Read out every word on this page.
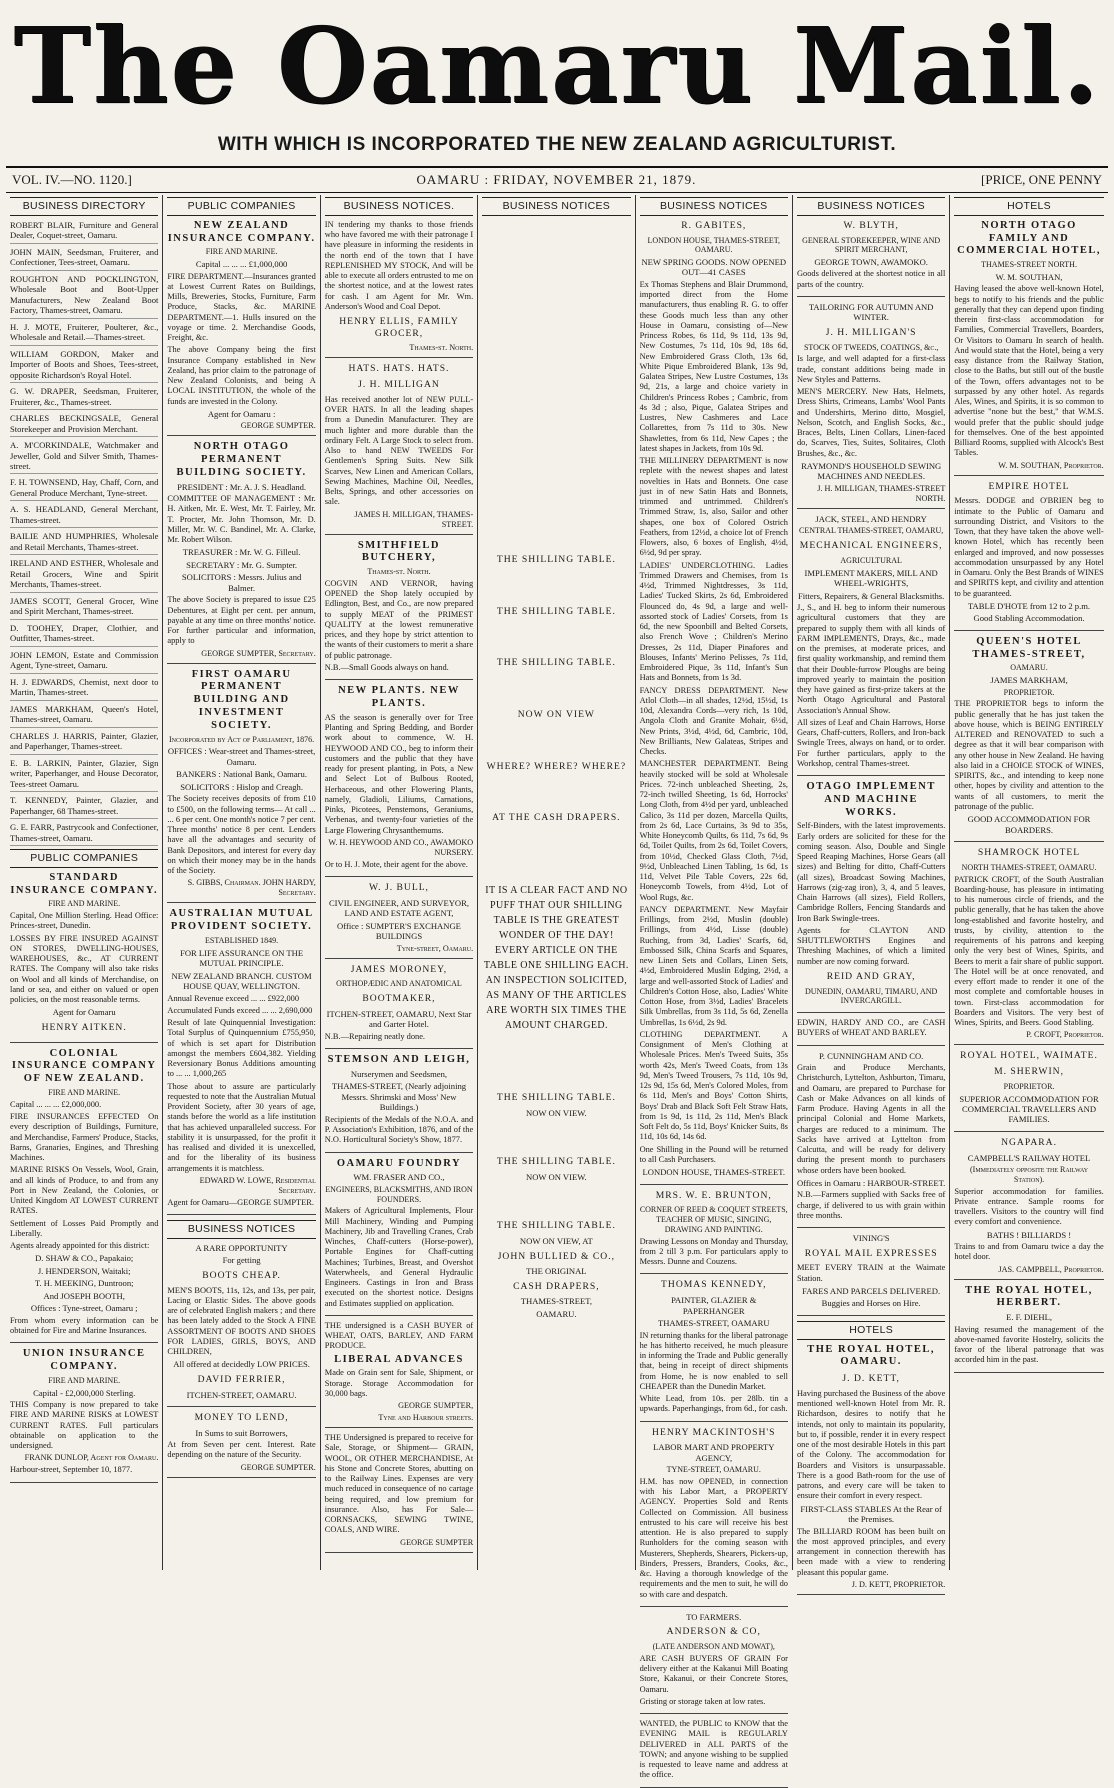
The Oamaru Mail.
WITH WHICH IS INCORPORATED THE NEW ZEALAND AGRICULTURIST.
VOL. IV.—NO. 1120.]	OAMARU : FRIDAY, NOVEMBER 21, 1879.	[PRICE, ONE PENNY
BUSINESS DIRECTORY
ROBERT BLAIR, Furniture and General Dealer, Coquet-street, Oamaru.
JOHN MAIN, Seedsman, Fruiterer, and Confectioner, Tees-street, Oamaru.
ROUGHTON AND POCKLINGTON, Wholesale Boot and Boot-Upper Manufacturers, New Zealand Boot Factory, Thames-street, Oamaru.
H. J. MOTE, Fruiterer, Poulterer, &c., Wholesale and Retail.—Thames-street.
WILLIAM GORDON, Maker and Importer of Boots and Shoes, Tees-street, opposite Richardson's Royal Hotel.
G. W. DRAPER, Seedsman, Fruiterer, Fruiterer, &c., Thames-street.
CHARLES BECKINGSALE, General Storekeeper and Provision Merchant.
A. M'CORKINDALE, Watchmaker and Jeweller, Gold and Silver Smith, Thames-street.
F. H. TOWNSEND, Hay, Chaff, Corn, and General Produce Merchant, Tyne-street.
A. S. HEADLAND, General Merchant, Thames-street.
BAILIE AND HUMPHRIES, Wholesale and Retail Merchants, Thames-street.
IRELAND AND ESTHER, Wholesale and Retail Grocers, Wine and Spirit Merchants, Thames-street.
JAMES SCOTT, General Grocer, Wine and Spirit Merchant, Thames-street.
D. TOOHEY, Draper, Clothier, and Outfitter, Thames-street.
JOHN LEMON, Estate and Commission Agent, Tyne-street, Oamaru.
H. J. EDWARDS, Chemist, next door to Martin, Thames-street.
JAMES MARKHAM, Queen's Hotel, Thames-street, Oamaru.
CHARLES J. HARRIS, Painter, Glazier, and Paperhanger, Thames-street.
E. B. LARKIN, Painter, Glazier, Sign writer, Paperhanger, and House Decorator, Tees-street Oamaru.
T. KENNEDY, Painter, Glazier, and Paperhanger, 68 Thames-street.
G. E. FARR, Pastrycook and Confectioner, Thames-street, Oamaru.
PUBLIC COMPANIES
STANDARD INSURANCE COMPANY.
FIRE AND MARINE.
Capital, One Million Sterling. Head Office: Princes-street, Dunedin.
LOSSES BY FIRE INSURED AGAINST ON STORES, DWELLING-HOUSES, WAREHOUSES, &c., AT CURRENT RATES. The Company will also take risks on Wool and all kinds of Merchandise, on land or sea, and either on valued or open policies, on the most reasonable terms.
Agent for Oamaru
HENRY AITKEN.
COLONIAL INSURANCE COMPANY OF NEW ZEALAND.
FIRE AND MARINE.
Capital ... ... ... £2,000,000.
FIRE INSURANCES EFFECTED On every description of Buildings, Furniture, and Merchandise, Farmers' Produce, Stacks, Barns, Granaries, Engines, and Threshing Machines.
MARINE RISKS On Vessels, Wool, Grain, and all kinds of Produce, to and from any Port in New Zealand, the Colonies, or United Kingdom AT LOWEST CURRENT RATES.
Settlement of Losses Paid Promptly and Liberally.
Agents already appointed for this district:
D. SHAW & CO., Papakaio;
J. HENDERSON, Waitaki;
T. H. MEEKING, Duntroon;
And JOSEPH BOOTH,
Offices : Tyne-street, Oamaru ;
From whom every information can be obtained for Fire and Marine Insurances.
UNION INSURANCE COMPANY.
FIRE AND MARINE.
Capital - £2,000,000 Sterling.
THIS Company is now prepared to take FIRE AND MARINE RISKS at LOWEST CURRENT RATES. Full particulars obtainable on application to the undersigned.
FRANK DUNLOP, Agent for Oamaru.
Harbour-street, September 10, 1877.
PUBLIC COMPANIES
NEW ZEALAND INSURANCE COMPANY.
FIRE AND MARINE.
Capital ... ... ... £1,000,000
FIRE DEPARTMENT.—Insurances granted at Lowest Current Rates on Buildings, Mills, Breweries, Stocks, Furniture, Farm Produce, Stacks, &c. MARINE DEPARTMENT.—1. Hulls insured on the voyage or time. 2. Merchandise Goods, Freight, &c.
The above Company being the first Insurance Company established in New Zealand, has prior claim to the patronage of New Zealand Colonists, and being A LOCAL INSTITUTION, the whole of the funds are invested in the Colony.
Agent for Oamaru :
GEORGE SUMPTER.
NORTH OTAGO PERMANENT BUILDING SOCIETY.
PRESIDENT : Mr. A. J. S. Headland.
COMMITTEE OF MANAGEMENT : Mr. H. Aitken, Mr. E. West, Mr. T. Fairley, Mr. T. Procter, Mr. John Thomson, Mr. D. Miller, Mr. W. C. Bandinel, Mr. A. Clarke, Mr. Robert Wilson.
TREASURER : Mr. W. G. Filleul.
SECRETARY : Mr. G. Sumpter.
SOLICITORS : Messrs. Julius and Balmer.
The above Society is prepared to issue £25 Debentures, at Eight per cent. per annum, payable at any time on three months' notice. For further particular and information, apply to
GEORGE SUMPTER, Secretary.
FIRST OAMARU PERMANENT BUILDING AND INVESTMENT SOCIETY.
Incorporated by Act of Parliament, 1876.
OFFICES : Wear-street and Thames-street, Oamaru.
BANKERS : National Bank, Oamaru.
SOLICITORS : Hislop and Creagh.
The Society receives deposits of from £10 to £500, on the following terms— At call ... ... 6 per cent. One month's notice 7 per cent. Three months' notice 8 per cent. Lenders have all the advantages and security of Bank Depositors, and interest for every day on which their money may be in the hands of the Society.
S. GIBBS, Chairman. JOHN HARDY, Secretary.
AUSTRALIAN MUTUAL PROVIDENT SOCIETY.
ESTABLISHED 1849.
FOR LIFE ASSURANCE ON THE MUTUAL PRINCIPLE.
NEW ZEALAND BRANCH. CUSTOM HOUSE QUAY, WELLINGTON.
Annual Revenue exceed ... ... £922,000
Accumulated Funds exceed ... ... 2,690,000
Result of late Quinquennial Investigation: Total Surplus of Quinquennium £755,950, of which is set apart for Distribution amongst the members £604,382. Yielding Reversionary Bonus Additions amounting to ... ... 1,000,265
Those about to assure are particularly requested to note that the Australian Mutual Provident Society, after 30 years of age, stands before the world as a life institution that has achieved unparalleled success. For stability it is unsurpassed, for the profit it has realised and divided it is unexcelled, and for the liberality of its business arrangements it is matchless.
EDWARD W. LOWE, Residential Secretary.
Agent for Oamaru—GEORGE SUMPTER.
BUSINESS NOTICES
A RARE OPPORTUNITY
For getting
BOOTS CHEAP.
MEN'S BOOTS, 11s, 12s, and 13s, per pair, Lacing or Elastic Sides. The above goods are of celebrated English makers ; and there has been lately added to the Stock A FINE ASSORTMENT OF BOOTS AND SHOES FOR LADIES, GIRLS, BOYS, AND CHILDREN,
All offered at decidedly LOW PRICES.
DAVID FERRIER,
ITCHEN-STREET, OAMARU.
MONEY TO LEND,
In Sums to suit Borrowers,
At from Seven per cent. Interest. Rate depending on the nature of the Security.
GEORGE SUMPTER.
BUSINESS NOTICES.
IN tendering my thanks to those friends who have favored me with their patronage I have pleasure in informing the residents in the north end of the town that I have REPLENISHED MY STOCK, And will be able to execute all orders entrusted to me on the shortest notice, and at the lowest rates for cash. I am Agent for Mr. Wm. Anderson's Wood and Coal Depot.
HENRY ELLIS, FAMILY GROCER,
Thames-st. North.
HATS. HATS. HATS.
J. H. MILLIGAN
Has received another lot of NEW PULL-OVER HATS. In all the leading shapes from a Dunedin Manufacturer. They are much lighter and more durable than the ordinary Felt. A Large Stock to select from. Also to hand NEW TWEEDS For Gentlemen's Spring Suits. New Silk Scarves, New Linen and American Collars, Sewing Machines, Machine Oil, Needles, Belts, Springs, and other accessories on sale.
JAMES H. MILLIGAN, THAMES-STREET.
SMITHFIELD BUTCHERY,
Thames-st. North.
COGVIN AND VERNOR, having OPENED the Shop lately occupied by Edlington, Best, and Co., are now prepared to supply MEAT of the PRIMEST QUALITY at the lowest remunerative prices, and they hope by strict attention to the wants of their customers to merit a share of public patronage.
N.B.—Small Goods always on hand.
NEW PLANTS. NEW PLANTS.
AS the season is generally over for Tree Planting and Spring Bedding, and Border work about to commence, W. H. HEYWOOD AND CO., beg to inform their customers and the public that they have ready for present planting, in Pots, a New and Select Lot of Bulbous Rooted, Herbaceous, and other Flowering Plants, namely, Gladioli, Liliums, Carnations, Pinks, Picotees, Penstemons, Geraniums, Verbenas, and twenty-four varieties of the Large Flowering Chrysanthemums.
W. H. HEYWOOD AND CO., AWAMOKO NURSERY.
Or to H. J. Mote, their agent for the above.
W. J. BULL,
CIVIL ENGINEER, AND SURVEYOR, LAND AND ESTATE AGENT,
Office : SUMPTER'S EXCHANGE BUILDINGS
Tyne-street, Oamaru.
JAMES MORONEY,
ORTHOPÆDIC AND ANATOMICAL
BOOTMAKER,
ITCHEN-STREET, OAMARU, Next Star and Garter Hotel.
N.B.—Repairing neatly done.
STEMSON AND LEIGH,
Nurserymen and Seedsmen,
THAMES-STREET, (Nearly adjoining Messrs. Shrimski and Moss' New Buildings.)
Recipients of the Medals of the N.O.A. and P. Association's Exhibition, 1876, and of the N.O. Horticultural Society's Show, 1877.
OAMARU FOUNDRY
WM. FRASER AND CO.,
ENGINEERS, BLACKSMITHS, AND IRON FOUNDERS.
Makers of Agricultural Implements, Flour Mill Machinery, Winding and Pumping Machinery, Jib and Travelling Cranes, Crab Winches, Chaff-cutters (Horse-power), Portable Engines for Chaff-cutting Machines; Turbines, Breast, and Overshot Waterwheels, and General Hydraulic Engineers. Castings in Iron and Brass executed on the shortest notice. Designs and Estimates supplied on application.
THE undersigned is a CASH BUYER of WHEAT, OATS, BARLEY, AND FARM PRODUCE.
LIBERAL ADVANCES
Made on Grain sent for Sale, Shipment, or Storage. Storage Accommodation for 30,000 bags.
GEORGE SUMPTER,
Tyne and Harbour streets.
THE Undersigned is prepared to receive for Sale, Storage, or Shipment— GRAIN, WOOL, OR OTHER MERCHANDISE, At his Stone and Concrete Stores, abutting on to the Railway Lines. Expenses are very much reduced in consequence of no cartage being required, and low premium for insurance. Also, has For Sale— CORNSACKS, SEWING TWINE, COALS, AND WIRE.
GEORGE SUMPTER
BUSINESS NOTICES
THE SHILLING TABLE.
THE SHILLING TABLE.
THE SHILLING TABLE.
NOW ON VIEW
WHERE? WHERE? WHERE?
AT THE CASH DRAPERS.
IT IS A CLEAR FACT AND NO PUFF THAT OUR SHILLING TABLE IS THE GREATEST WONDER OF THE DAY! EVERY ARTICLE ON THE TABLE ONE SHILLING EACH. AN INSPECTION SOLICITED, AS MANY OF THE ARTICLES ARE WORTH SIX TIMES THE AMOUNT CHARGED.
THE SHILLING TABLE.
NOW ON VIEW.
THE SHILLING TABLE.
NOW ON VIEW.
THE SHILLING TABLE.
NOW ON VIEW, AT
JOHN BULLIED & CO.,
THE ORIGINAL
CASH DRAPERS,
THAMES-STREET,
OAMARU.
BUSINESS NOTICES
R. GABITES,
LONDON HOUSE, THAMES-STREET, OAMARU.
NEW SPRING GOODS. NOW OPENED OUT—41 CASES
Ex Thomas Stephens and Blair Drummond, imported direct from the Home manufacturers, thus enabling R. G. to offer these Goods much less than any other House in Oamaru, consisting of—New Princess Robes, 6s 11d, 9s 11d, 13s 9d, New Costumes, 7s 11d, 10s 9d, 18s 6d, New Embroidered Grass Cloth, 13s 6d, White Pique Embroidered Blank, 13s 9d, Galatea Stripes, New Lustre Costumes, 13s 9d, 21s, a large and choice variety in Children's Princess Robes ; Cambric, from 4s 3d ; also, Pique, Galatea Stripes and Lustres, New Cashmeres and Lace Collarettes, from 7s 11d to 30s. New Shawlettes, from 6s 11d, New Capes ; the latest shapes in Jackets, from 10s 9d.
THE MILLINERY DEPARTMENT is now replete with the newest shapes and latest novelties in Hats and Bonnets. One case just in of new Satin Hats and Bonnets, trimmed and untrimmed. Children's Trimmed Straw, 1s, also, Sailor and other shapes, one box of Colored Ostrich Feathers, from 12½d, a choice lot of French Flowers, also, 6 boxes of English, 4½d, 6½d, 9d per spray.
LADIES' UNDERCLOTHING. Ladies Trimmed Drawers and Chemises, from 1s 4½d, Trimmed Nightdresses, 3s 11d, Ladies' Tucked Skirts, 2s 6d, Embroidered Flounced do, 4s 9d, a large and well-assorted stock of Ladies' Corsets, from 1s 6d, the new Spoonbill and Belted Corsets, also French Wove ; Children's Merino Dresses, 2s 11d, Diaper Pinafores and Blouses, Infants' Merino Pelisses, 7s 11d, Embroidered Pique, 3s 11d, Infant's Sun Hats and Bonnets, from 1s 3d.
FANCY DRESS DEPARTMENT. New Atlol Cloth—in all shades, 12½d, 15½d, 1s 10d, Alexandra Cords—very rich, 1s 10d, Angola Cloth and Granite Mohair, 6½d, New Prints, 3½d, 4½d, 6d, Cambric, 10d, New Brilliants, New Galateas, Stripes and Checks.
MANCHESTER DEPARTMENT. Being heavily stocked will be sold at Wholesale Prices. 72-inch unbleached Sheeting, 2s, 72-inch twilled Sheeting, 1s 6d, Horrocks' Long Cloth, from 4½d per yard, unbleached Calico, 3s 11d per dozen, Marcella Quilts, from 2s 6d, Lace Curtains, 3s 9d to 35s, White Honeycomb Quilts, 6s 11d, 7s 6d, 9s 6d, Toilet Quilts, from 2s 6d, Toilet Covers, from 10½d, Checked Glass Cloth, 7½d, 9½d, Unbleached Linen Tabling, 1s 6d, 1s 11d, Velvet Pile Table Covers, 22s 6d, Honeycomb Towels, from 4½d, Lot of Wool Rugs, &c.
FANCY DEPARTMENT. New Mayfair Frillings, from 2½d, Muslin (double) Frillings, from 4½d, Lisse (double) Ruching, from 3d, Ladies' Scarfs, 6d, Embossed Silk, China Scarfs and Squares, new Linen Sets and Collars, Linen Sets, 4½d, Embroidered Muslin Edging, 2½d, a large and well-assorted Stock of Ladies' and Children's Cotton Hose, also, Ladies' White Cotton Hose, from 3½d, Ladies' Bracelets Silk Umbrellas, from 3s 11d, 5s 6d, Zenella Umbrellas, 1s 6½d, 2s 9d.
CLOTHING DEPARTMENT. A Consignment of Men's Clothing at Wholesale Prices. Men's Tweed Suits, 35s worth 42s, Men's Tweed Coats, from 13s 9d, Men's Tweed Trousers, 7s 11d, 10s 9d, 12s 9d, 15s 6d, Men's Colored Moles, from 6s 11d, Men's and Boys' Cotton Shirts, Boys' Drab and Black Soft Felt Straw Hats, from 1s 9d, 1s 11d, 2s 11d, Men's Black Soft Felt do, 5s 11d, Boys' Knicker Suits, 8s 11d, 10s 6d, 14s 6d.
One Shilling in the Pound will be returned to all Cash Purchasers.
LONDON HOUSE, THAMES-STREET.
MRS. W. E. BRUNTON,
CORNER OF REED & COQUET STREETS, TEACHER OF MUSIC, SINGING, DRAWING AND PAINTING.
Drawing Lessons on Monday and Thursday, from 2 till 3 p.m. For particulars apply to Messrs. Dunne and Couzens.
THOMAS KENNEDY,
PAINTER, GLAZIER & PAPERHANGER
THAMES-STREET, OAMARU
IN returning thanks for the liberal patronage he has hitherto received, he much pleasure in informing the Trade and Public generally that, being in receipt of direct shipments from Home, he is now enabled to sell CHEAPER than the Dunedin Market.
White Lead, from 10s. per 28lb. tin a upwards. Paperhangings, from 6d., for cash.
HENRY MACKINTOSH'S
LABOR MART AND PROPERTY AGENCY,
TYNE-STREET, OAMARU.
H.M. has now OPENED, in connection with his Labor Mart, a PROPERTY AGENCY. Properties Sold and Rents Collected on Commission. All business entrusted to his care will receive his best attention. He is also prepared to supply Runholders for the coming season with Musterers, Shepherds, Shearers, Pickers-up, Binders, Pressers, Branders, Cooks, &c., &c. Having a thorough knowledge of the requirements and the men to suit, he will do so with care and despatch.
TO FARMERS.
ANDERSON & CO,
(LATE ANDERSON AND MOWAT),
ARE CASH BUYERS OF GRAIN For delivery either at the Kakanui Mill Boating Store, Kakanui, or their Concrete Stores, Oamaru.
Gristing or storage taken at low rates.
WANTED, the PUBLIC to KNOW that the EVENING MAIL is REGULARLY DELIVERED in ALL PARTS of the TOWN; and anyone wishing to be supplied is requested to leave name and address at the office.
BUSINESS NOTICES
W. BLYTH,
GENERAL STOREKEEPER, WINE AND SPIRIT MERCHANT,
GEORGE TOWN, AWAMOKO.
Goods delivered at the shortest notice in all parts of the country.
TAILORING FOR AUTUMN AND WINTER.
J. H. MILLIGAN'S
STOCK OF TWEEDS, COATINGS, &c.,
Is large, and well adapted for a first-class trade, constant additions being made in New Styles and Patterns.
MEN'S MERCERY. New Hats, Helmets, Dress Shirts, Crimeans, Lambs' Wool Pants and Undershirts, Merino ditto, Mosgiel, Nelson, Scotch, and English Socks, &c., Braces, Belts, Linen Collars, Linen-faced do, Scarves, Ties, Suites, Solitaires, Cloth Brushes, &c., &c.
RAYMOND'S HOUSEHOLD SEWING MACHINES AND NEEDLES.
J. H. MILLIGAN, THAMES-STREET NORTH.
JACK, STEEL, AND HENDRY
CENTRAL THAMES-STREET, OAMARU,
MECHANICAL ENGINEERS,
AGRICULTURAL
IMPLEMENT MAKERS, MILL AND WHEEL-WRIGHTS,
Fitters, Repairers, & General Blacksmiths.
J., S., and H. beg to inform their numerous agricultural customers that they are prepared to supply them with all kinds of FARM IMPLEMENTS, Drays, &c., made on the premises, at moderate prices, and first quality workmanship, and remind them that their Double-furrow Ploughs are being improved yearly to maintain the position they have gained as first-prize takers at the North Otago Agricultural and Pastoral Association's Annual Show.
All sizes of Leaf and Chain Harrows, Horse Gears, Chaff-cutters, Rollers, and Iron-back Swingle Trees, always on hand, or to order. For further particulars, apply to the Workshop, central Thames-street.
OTAGO IMPLEMENT AND MACHINE WORKS.
Self-Binders, with the latest improvements. Early orders are solicited for these for the coming season. Also, Double and Single Speed Reaping Machines, Horse Gears (all sizes) and Belting for ditto, Chaff-Cutters (all sizes), Broadcast Sowing Machines, Harrows (zig-zag iron), 3, 4, and 5 leaves, Chain Harrows (all sizes), Field Rollers, Cambridge Rollers, Fencing Standards and Iron Bark Swingle-trees.
Agents for CLAYTON AND SHUTTLEWORTH'S Engines and Threshing Machines, of which a limited number are now coming forward.
REID AND GRAY,
DUNEDIN, OAMARU, TIMARU, AND INVERCARGILL.
EDWIN, HARDY AND CO., are CASH BUYERS of WHEAT AND BARLEY.
P. CUNNINGHAM AND CO.
Grain and Produce Merchants, Christchurch, Lyttelton, Ashburton, Timaru, and Oamaru, are prepared to Purchase for Cash or Make Advances on all kinds of Farm Produce. Having Agents in all the principal Colonial and Home Markets, charges are reduced to a minimum. The Sacks have arrived at Lyttelton from Calcutta, and will be ready for delivery during the present month to purchasers whose orders have been booked.
Offices in Oamaru : HARBOUR-STREET.
N.B.—Farmers supplied with Sacks free of charge, if delivered to us with grain within three months.
VINING'S
ROYAL MAIL EXPRESSES
MEET EVERY TRAIN at the Waimate Station.
FARES AND PARCELS DELIVERED.
Buggies and Horses on Hire.
HOTELS
THE ROYAL HOTEL, OAMARU.
J. D. KETT,
Having purchased the Business of the above mentioned well-known Hotel from Mr. R. Richardson, desires to notify that he intends, not only to maintain its popularity, but to, if possible, render it in every respect one of the most desirable Hotels in this part of the Colony. The accommodation for Boarders and Visitors is unsurpassable. There is a good Bath-room for the use of patrons, and every care will be taken to ensure their comfort in every respect.
FIRST-CLASS STABLES At the Rear of the Premises.
The BILLIARD ROOM has been built on the most approved principles, and every arrangement in connection therewith has been made with a view to rendering pleasant this popular game.
J. D. KETT, PROPRIETOR.
HOTELS
NORTH OTAGO FAMILY AND COMMERCIAL HOTEL,
THAMES-STREET NORTH.
W. M. SOUTHAN,
Having leased the above well-known Hotel, begs to notify to his friends and the public generally that they can depend upon finding therein first-class accommodation for Families, Commercial Travellers, Boarders, Or Visitors to Oamaru In search of health. And would state that the Hotel, being a very easy distance from the Railway Station, close to the Baths, but still out of the bustle of the Town, offers advantages not to be surpassed by any other hotel. As regards Ales, Wines, and Spirits, it is so common to advertise "none but the best," that W.M.S. would prefer that the public should judge for themselves. One of the best appointed Billiard Rooms, supplied with Alcock's Best Tables.
W. M. SOUTHAN, Proprietor.
EMPIRE HOTEL
Messrs. DODGE and O'BRIEN beg to intimate to the Public of Oamaru and surrounding District, and Visitors to the Town, that they have taken the above well-known Hotel, which has recently been enlarged and improved, and now possesses accommodation unsurpassed by any Hotel in Oamaru. Only the Best Brands of WINES and SPIRITS kept, and civility and attention to be guaranteed.
TABLE D'HOTE from 12 to 2 p.m.
Good Stabling Accommodation.
QUEEN'S HOTEL THAMES-STREET,
OAMARU.
JAMES MARKHAM,
PROPRIETOR.
THE PROPRIETOR begs to inform the public generally that he has just taken the above house, which is BEING ENTIRELY ALTERED and RENOVATED to such a degree as that it will bear comparison with any other house in New Zealand. He having also laid in a CHOICE STOCK of WINES, SPIRITS, &c., and intending to keep none other, hopes by civility and attention to the wants of all customers, to merit the patronage of the public.
GOOD ACCOMMODATION FOR BOARDERS.
SHAMROCK HOTEL
NORTH THAMES-STREET, OAMARU.
PATRICK CROFT, of the South Australian Boarding-house, has pleasure in intimating to his numerous circle of friends, and the public generally, that he has taken the above long-established and favorite hostelry, and trusts, by civility, attention to the requirements of his patrons and keeping only the very best of Wines, Spirits, and Beers to merit a fair share of public support. The Hotel will be at once renovated, and every effort made to render it one of the most complete and comfortable houses in town. First-class accommodation for Boarders and Visitors. The very best of Wines, Spirits, and Beers. Good Stabling.
P. CROFT, Proprietor.
ROYAL HOTEL, WAIMATE.
M. SHERWIN,
PROPRIETOR.
SUPERIOR ACCOMMODATION FOR COMMERCIAL TRAVELLERS AND FAMILIES.
NGAPARA.
CAMPBELL'S RAILWAY HOTEL
(Immediately opposite the Railway Station).
Superior accommodation for families. Private entrance. Sample rooms for travellers. Visitors to the country will find every comfort and convenience.
BATHS ! BILLIARDS !
Trains to and from Oamaru twice a day the hotel door.
JAS. CAMPBELL, Proprietor.
THE ROYAL HOTEL, HERBERT.
E. F. DIEHL,
Having resumed the management of the above-named favorite Hostelry, solicits the favor of the liberal patronage that was accorded him in the past.
